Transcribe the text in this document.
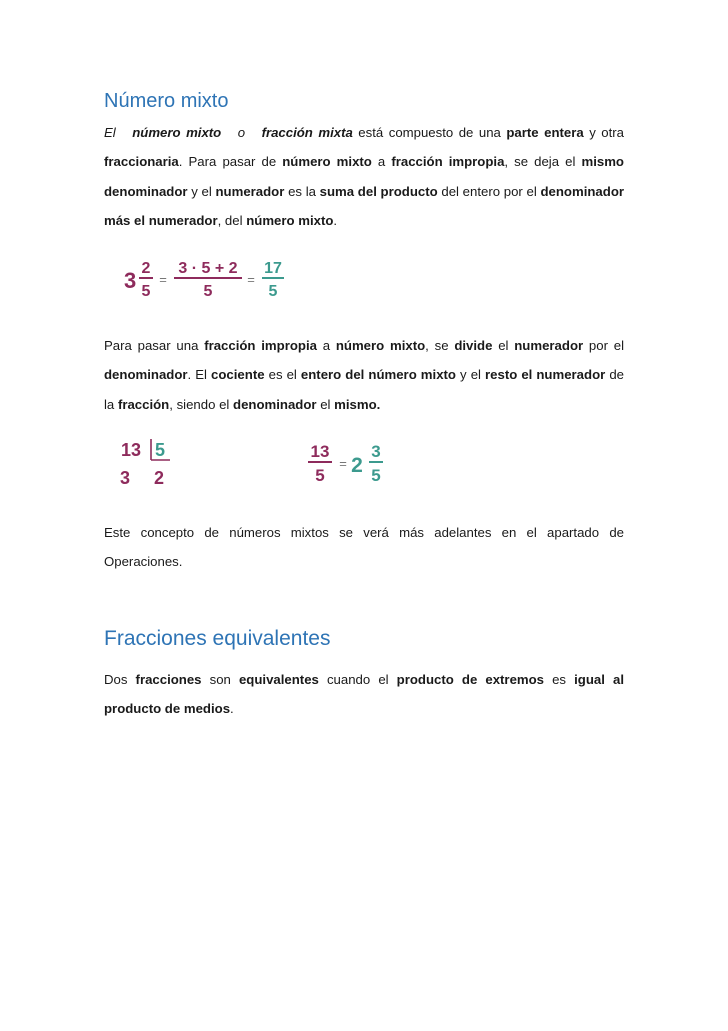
Número mixto

El número mixto o fracción mixta está compuesto de una parte entera y otra fraccionaria. Para pasar de número mixto a fracción impropia, se deja el mismo denominador y el numerador es la suma del producto del entero por el denominador más el numerador, del número mixto.

3 2
5
=
3 · 5 + 2
5
=
17
5

Para pasar una fracción impropia a número mixto, se divide el numerador por el denominador. El cociente es el entero del número mixto y el resto el numerador de la fracción, siendo el denominador el mismo.

13 5
3 2
13
5
= 2
3
5

Este concepto de números mixtos se verá más adelantes en el apartado de Operaciones.

Fracciones equivalentes

Dos fracciones son equivalentes cuando el producto de extremos es igual al producto de medios.
